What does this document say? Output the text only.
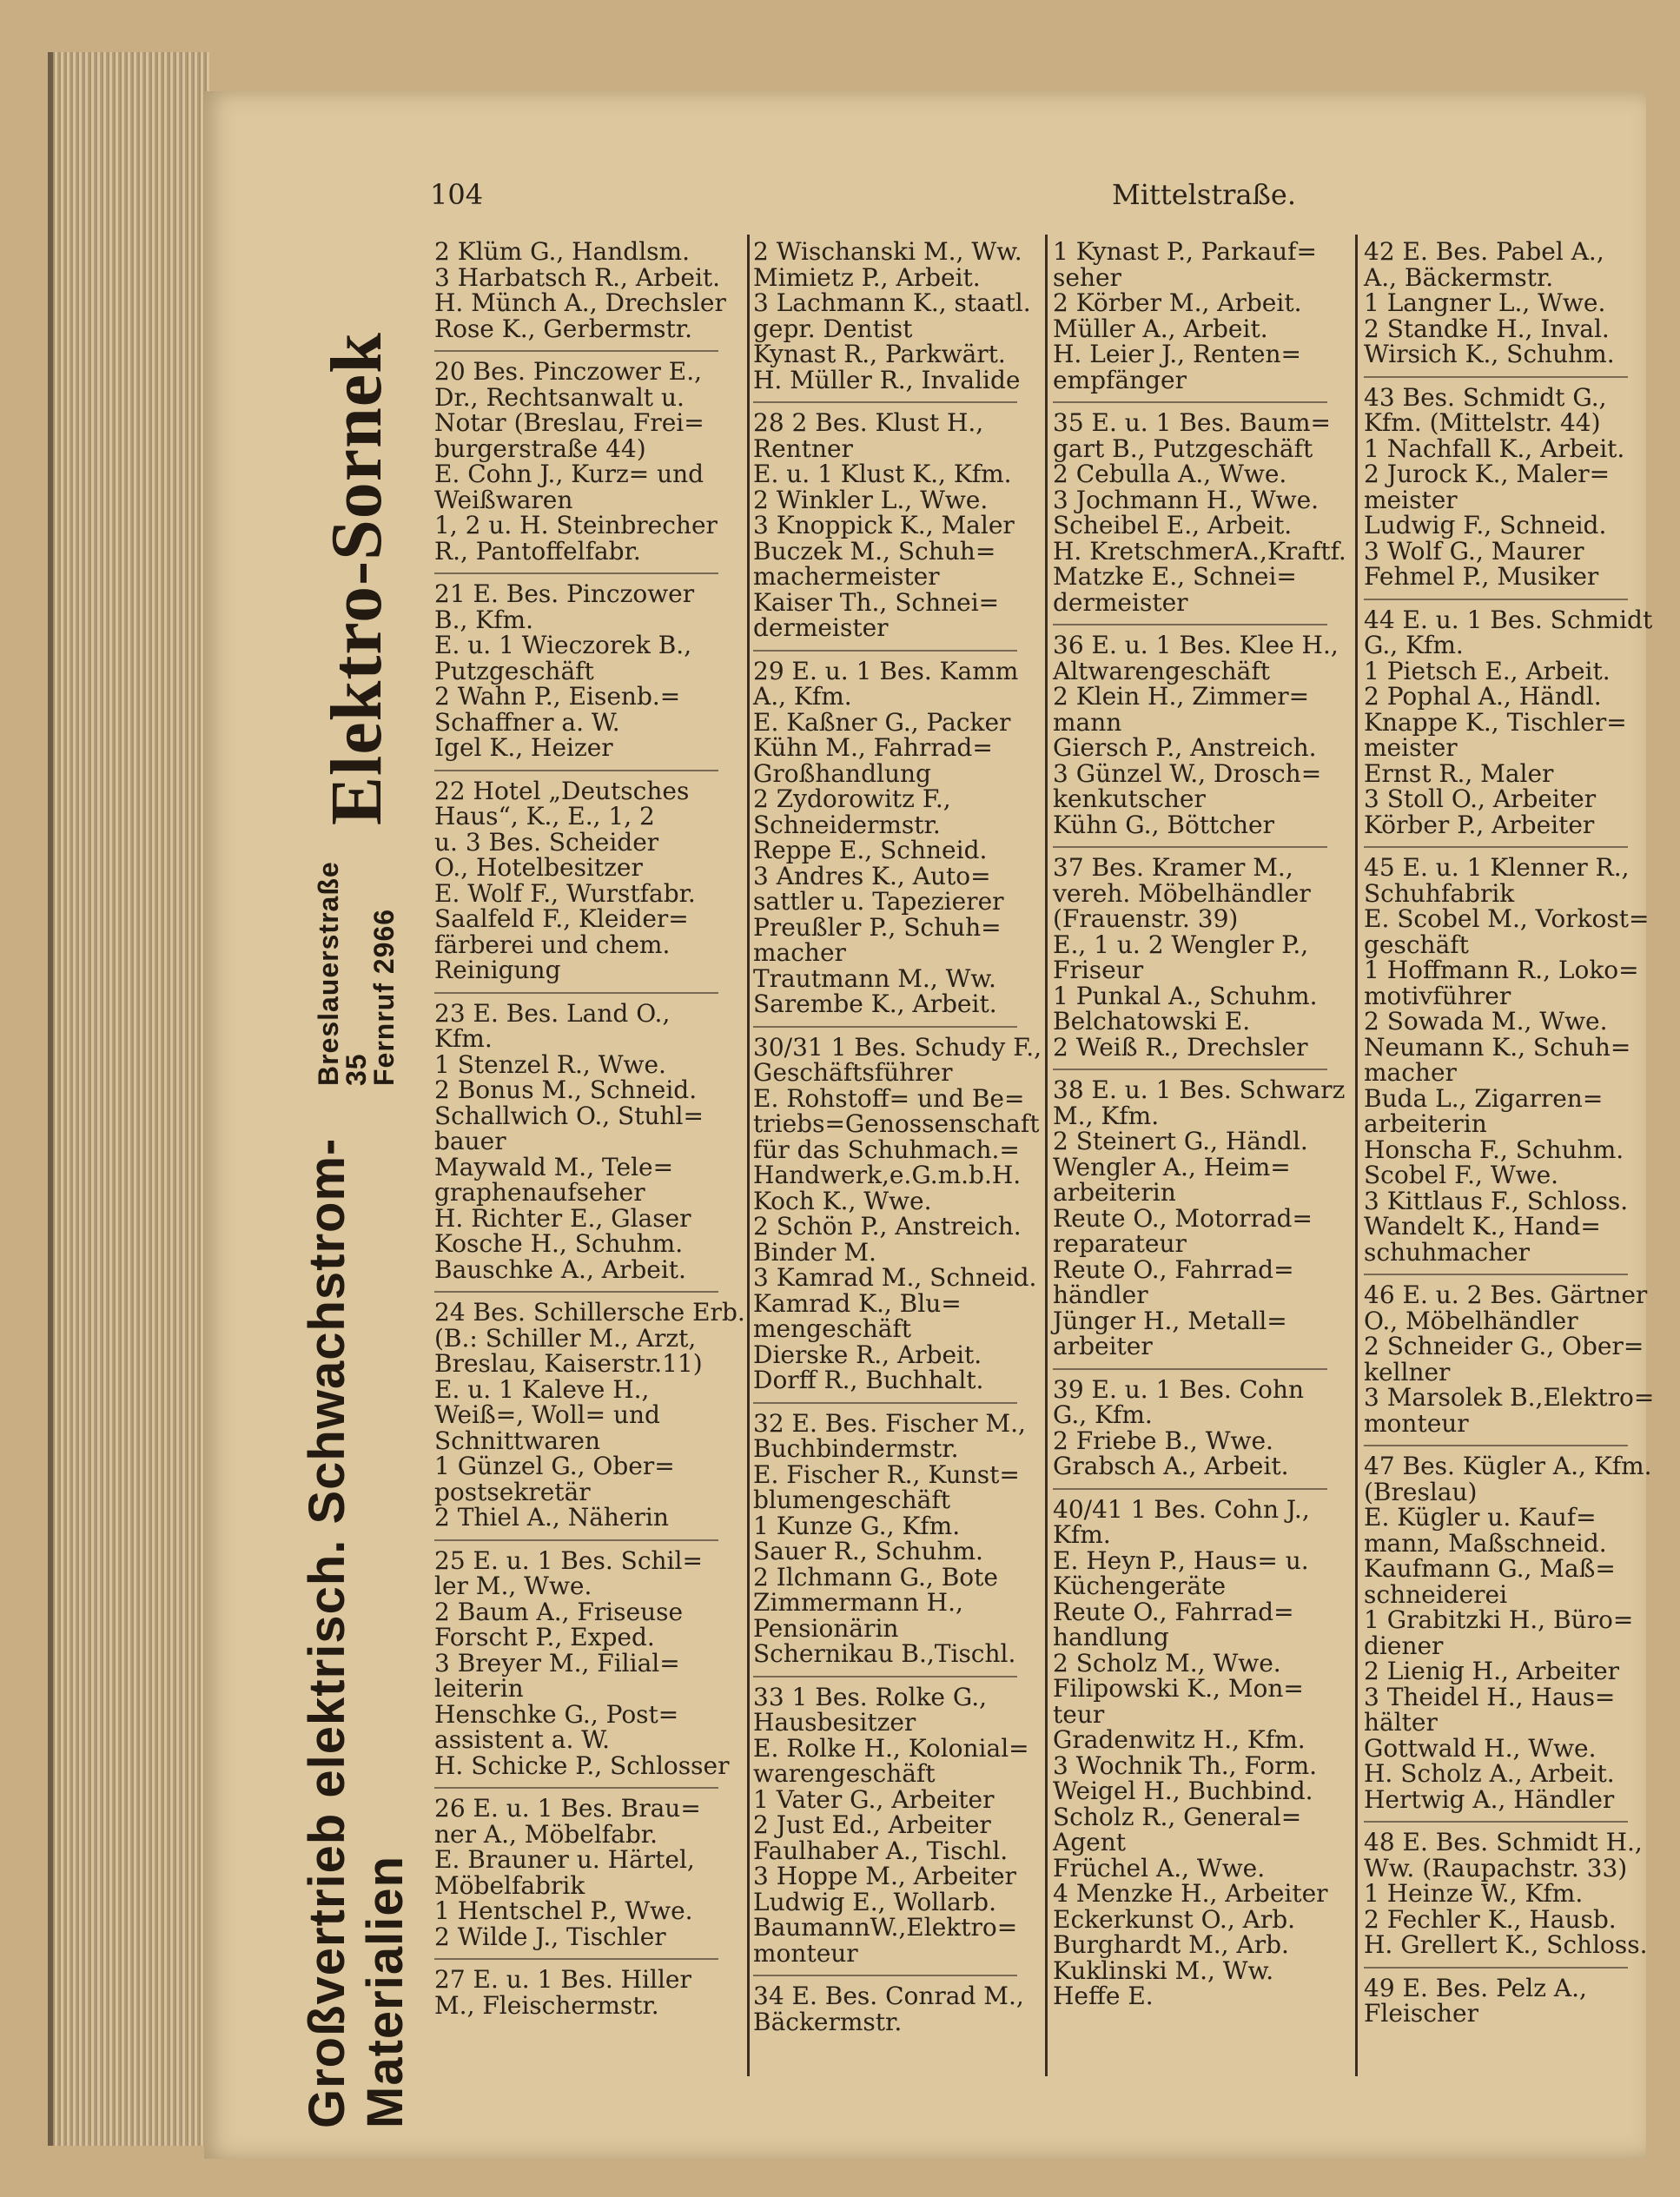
Großvertrieb elektrisch. Schwachstrom-Materialien
Breslauerstraße 35
Fernruf 2966
Elektro-Sornek
104	Mittelstraße.
2 Klüm G., Handlsm.
3 Harbatsch R., Arbeit.
H. Münch A., Drechsler
Rose K., Gerbermstr.
20 Bes. Pinczower E.,
Dr., Rechtsanwalt u.
Notar (Breslau, Frei=
burgerstraße 44)
E. Cohn J., Kurz= und
Weißwaren
1, 2 u. H. Steinbrecher
R., Pantoffelfabr.
21 E. Bes. Pinczower
B., Kfm.
E. u. 1 Wieczorek B.,
Putzgeschäft
2 Wahn P., Eisenb.=
Schaffner a. W.
Igel K., Heizer
22 Hotel „Deutsches
Haus“, K., E., 1, 2
u. 3 Bes. Scheider
O., Hotelbesitzer
E. Wolf F., Wurstfabr.
Saalfeld F., Kleider=
färberei und chem.
Reinigung
23 E. Bes. Land O.,
Kfm.
1 Stenzel R., Wwe.
2 Bonus M., Schneid.
Schallwich O., Stuhl=
bauer
Maywald M., Tele=
graphenaufseher
H. Richter E., Glaser
Kosche H., Schuhm.
Bauschke A., Arbeit.
24 Bes. Schillersche Erb.
(B.: Schiller M., Arzt,
Breslau, Kaiserstr.11)
E. u. 1 Kaleve H.,
Weiß=, Woll= und
Schnittwaren
1 Günzel G., Ober=
postsekretär
2 Thiel A., Näherin
25 E. u. 1 Bes. Schil=
ler M., Wwe.
2 Baum A., Friseuse
Forscht P., Exped.
3 Breyer M., Filial=
leiterin
Henschke G., Post=
assistent a. W.
H. Schicke P., Schlosser
26 E. u. 1 Bes. Brau=
ner A., Möbelfabr.
E. Brauner u. Härtel,
Möbelfabrik
1 Hentschel P., Wwe.
2 Wilde J., Tischler
27 E. u. 1 Bes. Hiller
M., Fleischermstr.
2 Wischanski M., Ww.
Mimietz P., Arbeit.
3 Lachmann K., staatl.
gepr. Dentist
Kynast R., Parkwärt.
H. Müller R., Invalide
28 2 Bes. Klust H.,
Rentner
E. u. 1 Klust K., Kfm.
2 Winkler L., Wwe.
3 Knoppick K., Maler
Buczek M., Schuh=
machermeister
Kaiser Th., Schnei=
dermeister
29 E. u. 1 Bes. Kamm
A., Kfm.
E. Kaßner G., Packer
Kühn M., Fahrrad=
Großhandlung
2 Zydorowitz F.,
Schneidermstr.
Reppe E., Schneid.
3 Andres K., Auto=
sattler u. Tapezierer
Preußler P., Schuh=
macher
Trautmann M., Ww.
Sarembe K., Arbeit.
30/31 1 Bes. Schudy F.,
Geschäftsführer
E. Rohstoff= und Be=
triebs=Genossenschaft
für das Schuhmach.=
Handwerk,e.G.m.b.H.
Koch K., Wwe.
2 Schön P., Anstreich.
Binder M.
3 Kamrad M., Schneid.
Kamrad K., Blu=
mengeschäft
Dierske R., Arbeit.
Dorff R., Buchhalt.
32 E. Bes. Fischer M.,
Buchbindermstr.
E. Fischer R., Kunst=
blumengeschäft
1 Kunze G., Kfm.
Sauer R., Schuhm.
2 Ilchmann G., Bote
Zimmermann H.,
Pensionärin
Schernikau B.,Tischl.
33 1 Bes. Rolke G.,
Hausbesitzer
E. Rolke H., Kolonial=
warengeschäft
1 Vater G., Arbeiter
2 Just Ed., Arbeiter
Faulhaber A., Tischl.
3 Hoppe M., Arbeiter
Ludwig E., Wollarb.
BaumannW.,Elektro=
monteur
34 E. Bes. Conrad M.,
Bäckermstr.
1 Kynast P., Parkauf=
seher
2 Körber M., Arbeit.
Müller A., Arbeit.
H. Leier J., Renten=
empfänger
35 E. u. 1 Bes. Baum=
gart B., Putzgeschäft
2 Cebulla A., Wwe.
3 Jochmann H., Wwe.
Scheibel E., Arbeit.
H. KretschmerA.,Kraftf.
Matzke E., Schnei=
dermeister
36 E. u. 1 Bes. Klee H.,
Altwarengeschäft
2 Klein H., Zimmer=
mann
Giersch P., Anstreich.
3 Günzel W., Drosch=
kenkutscher
Kühn G., Böttcher
37 Bes. Kramer M.,
vereh. Möbelhändler
(Frauenstr. 39)
E., 1 u. 2 Wengler P.,
Friseur
1 Punkal A., Schuhm.
Belchatowski E.
2 Weiß R., Drechsler
38 E. u. 1 Bes. Schwarz
M., Kfm.
2 Steinert G., Händl.
Wengler A., Heim=
arbeiterin
Reute O., Motorrad=
reparateur
Reute O., Fahrrad=
händler
Jünger H., Metall=
arbeiter
39 E. u. 1 Bes. Cohn
G., Kfm.
2 Friebe B., Wwe.
Grabsch A., Arbeit.
40/41 1 Bes. Cohn J.,
Kfm.
E. Heyn P., Haus= u.
Küchengeräte
Reute O., Fahrrad=
handlung
2 Scholz M., Wwe.
Filipowski K., Mon=
teur
Gradenwitz H., Kfm.
3 Wochnik Th., Form.
Weigel H., Buchbind.
Scholz R., General=
Agent
Früchel A., Wwe.
4 Menzke H., Arbeiter
Eckerkunst O., Arb.
Burghardt M., Arb.
Kuklinski M., Ww.
Heffe E.
42 E. Bes. Pabel A.,
A., Bäckermstr.
1 Langner L., Wwe.
2 Standke H., Inval.
Wirsich K., Schuhm.
43 Bes. Schmidt G.,
Kfm. (Mittelstr. 44)
1 Nachfall K., Arbeit.
2 Jurock K., Maler=
meister
Ludwig F., Schneid.
3 Wolf G., Maurer
Fehmel P., Musiker
44 E. u. 1 Bes. Schmidt
G., Kfm.
1 Pietsch E., Arbeit.
2 Pophal A., Händl.
Knappe K., Tischler=
meister
Ernst R., Maler
3 Stoll O., Arbeiter
Körber P., Arbeiter
45 E. u. 1 Klenner R.,
Schuhfabrik
E. Scobel M., Vorkost=
geschäft
1 Hoffmann R., Loko=
motivführer
2 Sowada M., Wwe.
Neumann K., Schuh=
macher
Buda L., Zigarren=
arbeiterin
Honscha F., Schuhm.
Scobel F., Wwe.
3 Kittlaus F., Schloss.
Wandelt K., Hand=
schuhmacher
46 E. u. 2 Bes. Gärtner
O., Möbelhändler
2 Schneider G., Ober=
kellner
3 Marsolek B.,Elektro=
monteur
47 Bes. Kügler A., Kfm.
(Breslau)
E. Kügler u. Kauf=
mann, Maßschneid.
Kaufmann G., Maß=
schneiderei
1 Grabitzki H., Büro=
diener
2 Lienig H., Arbeiter
3 Theidel H., Haus=
hälter
Gottwald H., Wwe.
H. Scholz A., Arbeit.
Hertwig A., Händler
48 E. Bes. Schmidt H.,
Ww. (Raupachstr. 33)
1 Heinze W., Kfm.
2 Fechler K., Hausb.
H. Grellert K., Schloss.
49 E. Bes. Pelz A.,
Fleischer
